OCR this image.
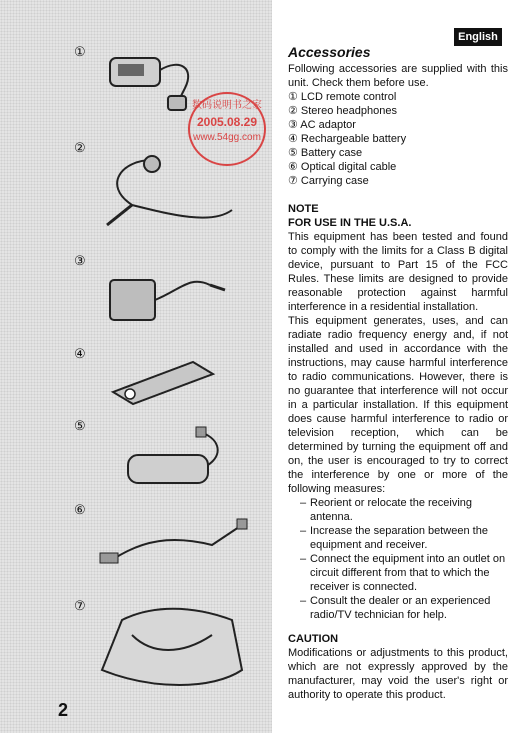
①
②
③
④
⑤
⑥
⑦
数码说明书之家
2005.08.29
www.54gg.com
2
English
Accessories

Following accessories are supplied with this unit. Check them before use.

① LCD remote control
② Stereo headphones
③ AC adaptor
④ Rechargeable battery
⑤ Battery case
⑥ Optical digital cable
⑦ Carrying case
NOTE
FOR USE IN THE U.S.A.

This equipment has been tested and found to comply with the limits for a Class B digital device, pursuant to Part 15 of the FCC Rules. These limits are designed to provide reasonable protection against harmful interference in a residential installation.

This equipment generates, uses, and can radiate radio frequency energy and, if not installed and used in accordance with the instructions, may cause harmful interference to radio communications. However, there is no guarantee that interference will not occur in a particular installation. If this equipment does cause harmful interference to radio or television reception, which can be determined by turning the equipment off and on, the user is encouraged to try to correct the interference by one or more of the following measures:

– Reorient or relocate the receiving antenna.
– Increase the separation between the equipment and receiver.
– Connect the equipment into an outlet on circuit different from that to which the receiver is connected.
– Consult the dealer or an experienced radio/TV technician for help.
CAUTION

Modifications or adjustments to this product, which are not expressly approved by the manufacturer, may void the user's right or authority to operate this product.
